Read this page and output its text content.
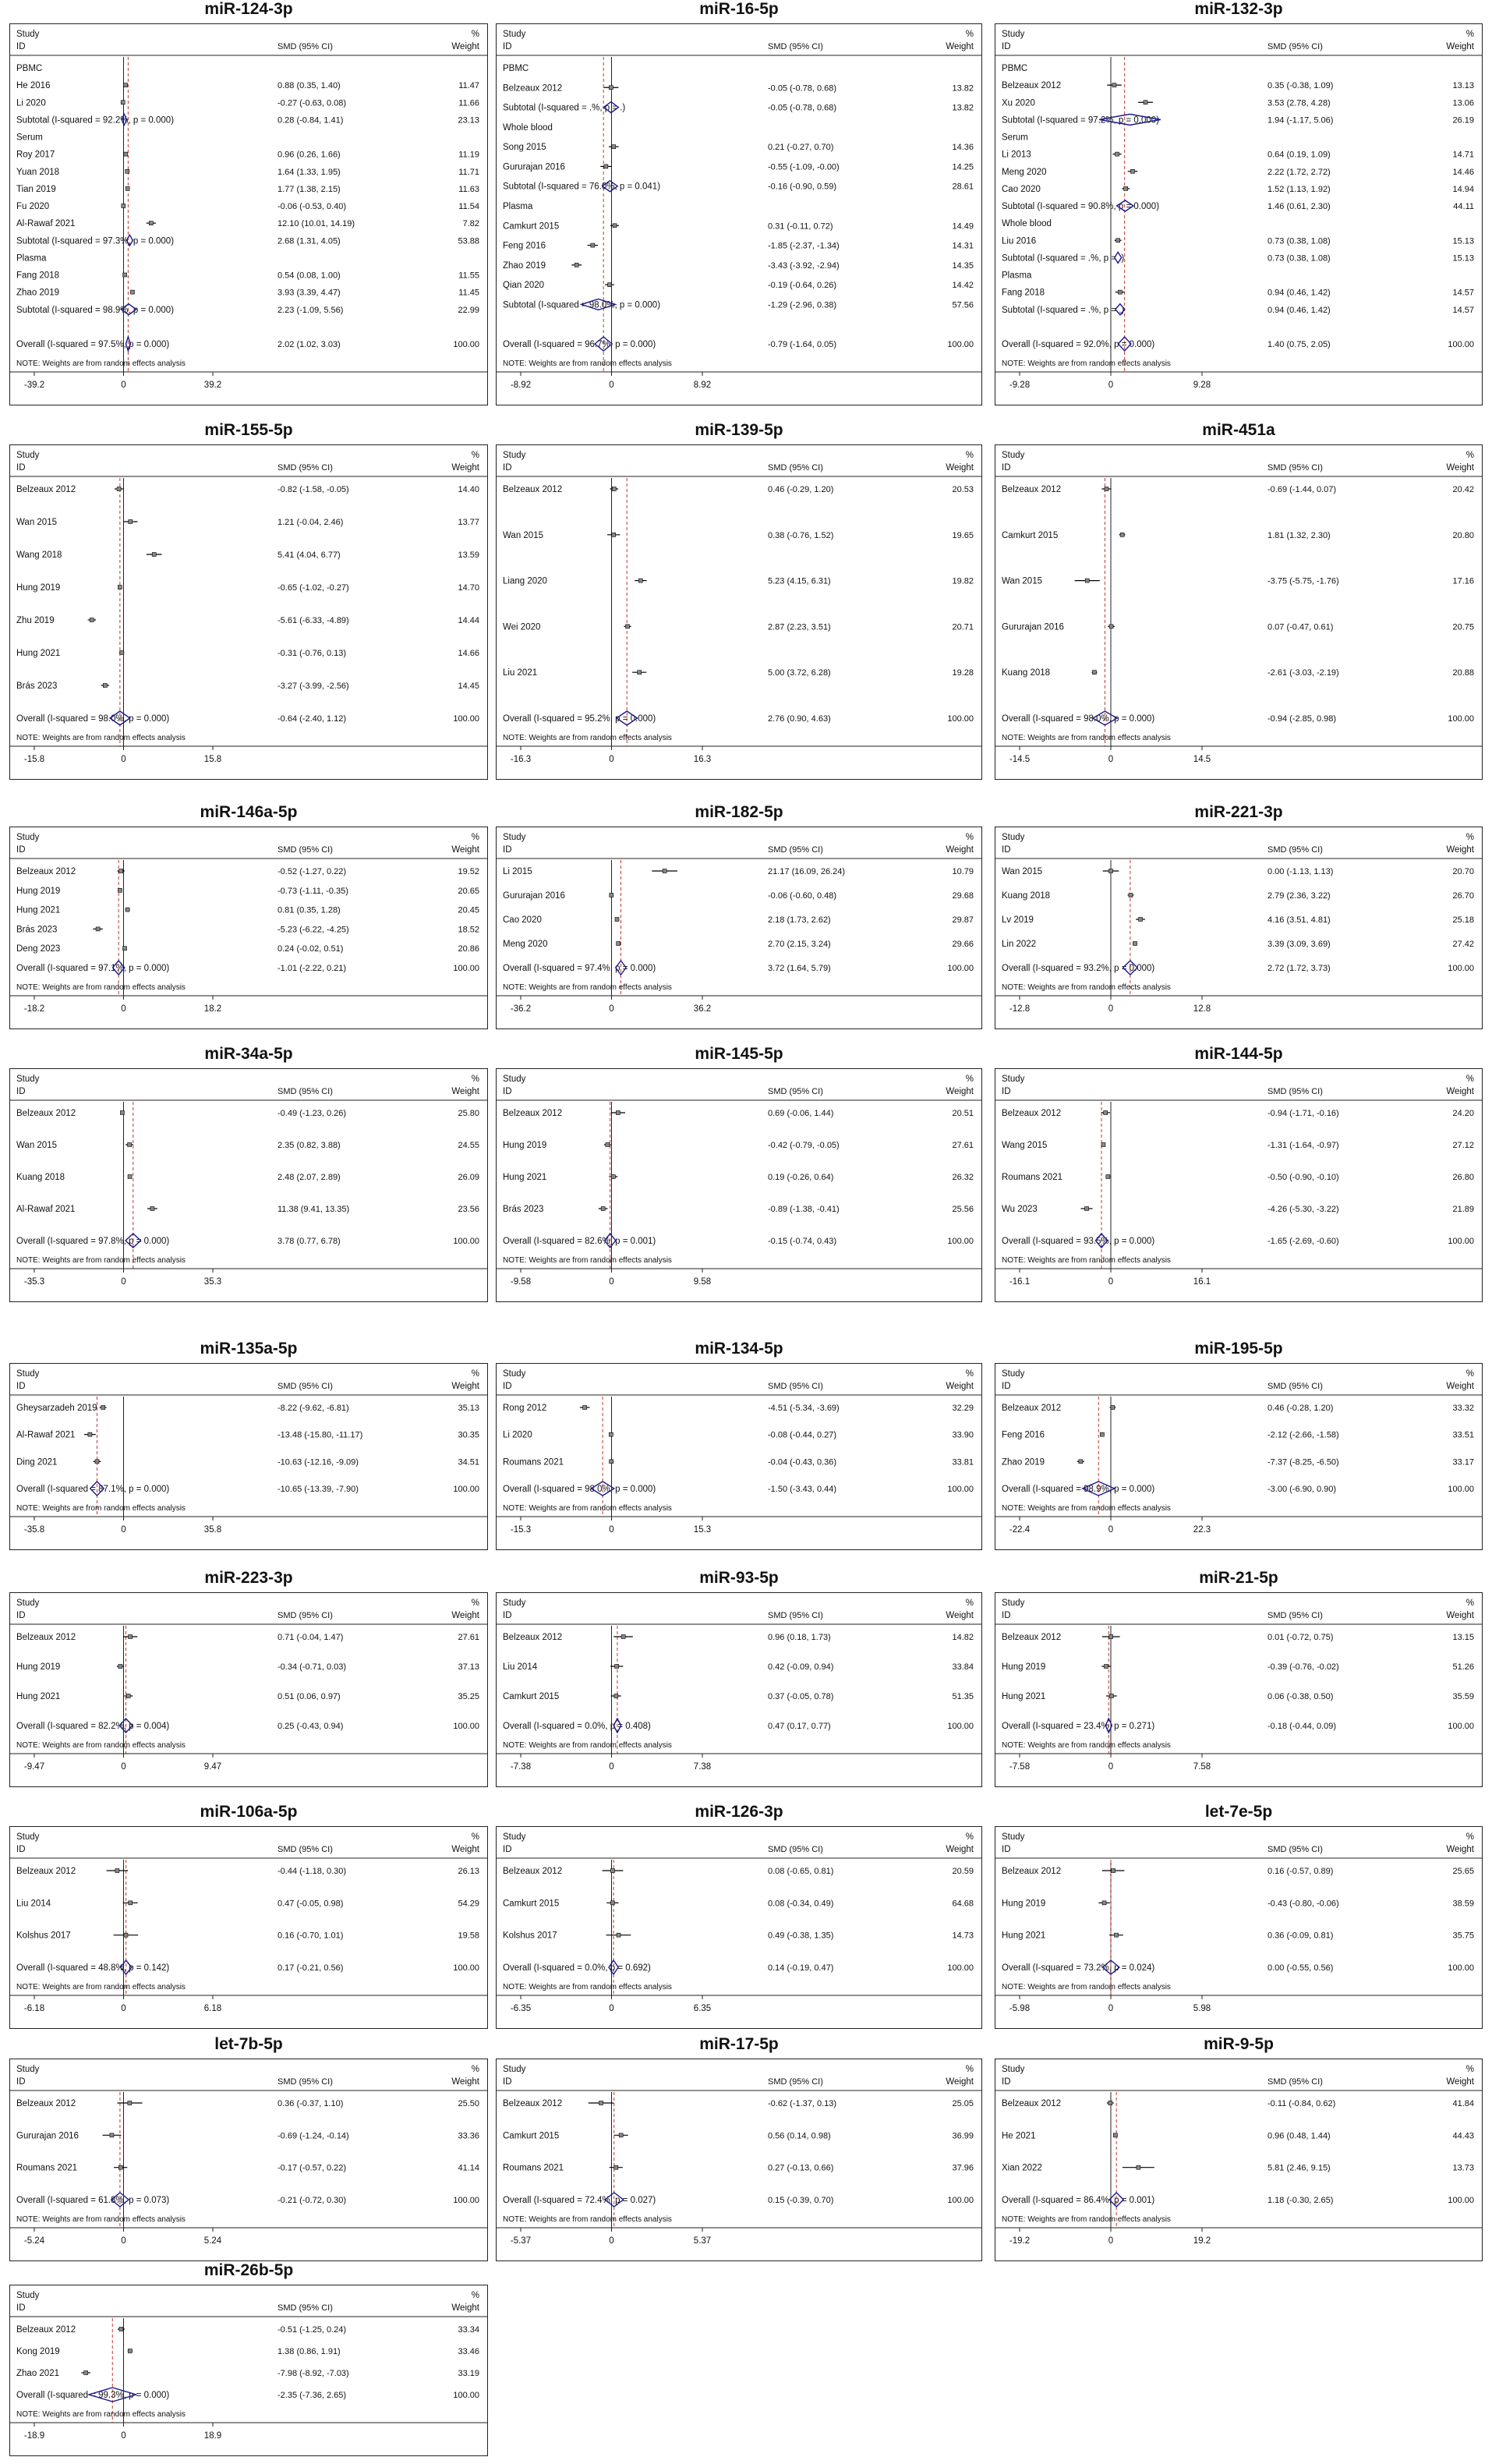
miR-124-3p
Study
ID	SMD (95% CI)
%
Weight
PBMC
He 2016	0.88 (0.35, 1.40)	11.47
Li 2020	-0.27 (-0.63, 0.08)	11.66
Subtotal (I-squared = 92.2%, p = 0.000)	0.28 (-0.84, 1.41)	23.13
Serum
Roy 2017	0.96 (0.26, 1.66)	11.19
Yuan 2018	1.64 (1.33, 1.95)	11.71
Tian 2019	1.77 (1.38, 2.15)	11.63
Fu 2020	-0.06 (-0.53, 0.40)	11.54
Al-Rawaf 2021	12.10 (10.01, 14.19)	7.82
Subtotal (I-squared = 97.3%, p = 0.000)	2.68 (1.31, 4.05)	53.88
Plasma
Fang 2018	0.54 (0.08, 1.00)	11.55
Zhao 2019	3.93 (3.39, 4.47)	11.45
Subtotal (I-squared = 98.9%, p = 0.000)	2.23 (-1.09, 5.56)	22.99
Overall (I-squared = 97.5%, p = 0.000)	2.02 (1.02, 3.03)	100.00
NOTE: Weights are from random effects analysis
-39.2	0	39.2
miR-16-5p
Study
ID	SMD (95% CI)
%
Weight
PBMC
Belzeaux 2012	-0.05 (-0.78, 0.68)	13.82
Subtotal (I-squared = .%, p = .)	-0.05 (-0.78, 0.68)	13.82
Whole blood
Song 2015	0.21 (-0.27, 0.70)	14.36
Gururajan 2016	-0.55 (-1.09, -0.00)	14.25
Subtotal (I-squared = 76.0%, p = 0.041)	-0.16 (-0.90, 0.59)	28.61
Plasma
Camkurt 2015	0.31 (-0.11, 0.72)	14.49
Feng 2016	-1.85 (-2.37, -1.34)	14.31
Zhao 2019	-3.43 (-3.92, -2.94)	14.35
Qian 2020	-0.19 (-0.64, 0.26)	14.42
Subtotal (I-squared = 98.0%, p = 0.000)	-1.29 (-2.96, 0.38)	57.56
Overall (I-squared = 96.7%, p = 0.000)	-0.79 (-1.64, 0.05)	100.00
NOTE: Weights are from random effects analysis
-8.92	0	8.92
miR-132-3p
Study
ID	SMD (95% CI)
%
Weight
PBMC
Belzeaux 2012	0.35 (-0.38, 1.09)	13.13
Xu 2020	3.53 (2.78, 4.28)	13.06
Subtotal (I-squared = 97.2%, p = 0.000)	1.94 (-1.17, 5.06)	26.19
Serum
Li 2013	0.64 (0.19, 1.09)	14.71
Meng 2020	2.22 (1.72, 2.72)	14.46
Cao 2020	1.52 (1.13, 1.92)	14.94
Subtotal (I-squared = 90.8%, p = 0.000)	1.46 (0.61, 2.30)	44.11
Whole blood
Liu 2016	0.73 (0.38, 1.08)	15.13
Subtotal (I-squared = .%, p = .)	0.73 (0.38, 1.08)	15.13
Plasma
Fang 2018	0.94 (0.46, 1.42)	14.57
Subtotal (I-squared = .%, p = .)	0.94 (0.46, 1.42)	14.57
Overall (I-squared = 92.0%, p = 0.000)	1.40 (0.75, 2.05)	100.00
NOTE: Weights are from random effects analysis
-9.28	0	9.28
miR-155-5p
Study
ID	SMD (95% CI)
%
Weight
Belzeaux 2012	-0.82 (-1.58, -0.05)	14.40
Wan 2015	1.21 (-0.04, 2.46)	13.77
Wang 2018	5.41 (4.04, 6.77)	13.59
Hung 2019	-0.65 (-1.02, -0.27)	14.70
Zhu 2019	-5.61 (-6.33, -4.89)	14.44
Hung 2021	-0.31 (-0.76, 0.13)	14.66
Brás 2023	-3.27 (-3.99, -2.56)	14.45
Overall (I-squared = 98.0%, p = 0.000)	-0.64 (-2.40, 1.12)	100.00
NOTE: Weights are from random effects analysis
-15.8	0	15.8
miR-139-5p
Study
ID	SMD (95% CI)
%
Weight
Belzeaux 2012	0.46 (-0.29, 1.20)	20.53
Wan 2015	0.38 (-0.76, 1.52)	19.65
Liang 2020	5.23 (4.15, 6.31)	19.82
Wei 2020	2.87 (2.23, 3.51)	20.71
Liu 2021	5.00 (3.72, 6.28)	19.28
Overall (I-squared = 95.2%, p = 0.000)	2.76 (0.90, 4.63)	100.00
NOTE: Weights are from random effects analysis
-16.3	0	16.3
miR-451a
Study
ID	SMD (95% CI)
%
Weight
Belzeaux 2012	-0.69 (-1.44, 0.07)	20.42
Camkurt 2015	1.81 (1.32, 2.30)	20.80
Wan 2015	-3.75 (-5.75, -1.76)	17.16
Gururajan 2016	0.07 (-0.47, 0.61)	20.75
Kuang 2018	-2.61 (-3.03, -2.19)	20.88
Overall (I-squared = 98.0%, p = 0.000)	-0.94 (-2.85, 0.98)	100.00
NOTE: Weights are from random effects analysis
-14.5	0	14.5
miR-146a-5p
Study
ID	SMD (95% CI)
%
Weight
Belzeaux 2012	-0.52 (-1.27, 0.22)	19.52
Hung 2019	-0.73 (-1.11, -0.35)	20.65
Hung 2021	0.81 (0.35, 1.28)	20.45
Brás 2023	-5.23 (-6.22, -4.25)	18.52
Deng 2023	0.24 (-0.02, 0.51)	20.86
Overall (I-squared = 97.1%, p = 0.000)	-1.01 (-2.22, 0.21)	100.00
NOTE: Weights are from random effects analysis
-18.2	0	18.2
miR-182-5p
Study
ID	SMD (95% CI)
%
Weight
Li 2015	21.17 (16.09, 26.24)	10.79
Gururajan 2016	-0.06 (-0.60, 0.48)	29.68
Cao 2020	2.18 (1.73, 2.62)	29.87
Meng 2020	2.70 (2.15, 3.24)	29.66
Overall (I-squared = 97.4%, p = 0.000)	3.72 (1.64, 5.79)	100.00
NOTE: Weights are from random effects analysis
-36.2	0	36.2
miR-221-3p
Study
ID	SMD (95% CI)
%
Weight
Wan 2015	0.00 (-1.13, 1.13)	20.70
Kuang 2018	2.79 (2.36, 3.22)	26.70
Lv 2019	4.16 (3.51, 4.81)	25.18
Lin 2022	3.39 (3.09, 3.69)	27.42
Overall (I-squared = 93.2%, p = 0.000)	2.72 (1.72, 3.73)	100.00
NOTE: Weights are from random effects analysis
-12.8	0	12.8
miR-34a-5p
Study
ID	SMD (95% CI)
%
Weight
Belzeaux 2012	-0.49 (-1.23, 0.26)	25.80
Wan 2015	2.35 (0.82, 3.88)	24.55
Kuang 2018	2.48 (2.07, 2.89)	26.09
Al-Rawaf 2021	11.38 (9.41, 13.35)	23.56
Overall (I-squared = 97.8%, p = 0.000)	3.78 (0.77, 6.78)	100.00
NOTE: Weights are from random effects analysis
-35.3	0	35.3
miR-145-5p
Study
ID	SMD (95% CI)
%
Weight
Belzeaux 2012	0.69 (-0.06, 1.44)	20.51
Hung 2019	-0.42 (-0.79, -0.05)	27.61
Hung 2021	0.19 (-0.26, 0.64)	26.32
Brás 2023	-0.89 (-1.38, -0.41)	25.56
Overall (I-squared = 82.6%, p = 0.001)	-0.15 (-0.74, 0.43)	100.00
NOTE: Weights are from random effects analysis
-9.58	0	9.58
miR-144-5p
Study
ID	SMD (95% CI)
%
Weight
Belzeaux 2012	-0.94 (-1.71, -0.16)	24.20
Wang 2015	-1.31 (-1.64, -0.97)	27.12
Roumans 2021	-0.50 (-0.90, -0.10)	26.80
Wu 2023	-4.26 (-5.30, -3.22)	21.89
Overall (I-squared = 93.5%, p = 0.000)	-1.65 (-2.69, -0.60)	100.00
NOTE: Weights are from random effects analysis
-16.1	0	16.1
miR-135a-5p
Study
ID	SMD (95% CI)
%
Weight
Gheysarzadeh 2019	-8.22 (-9.62, -6.81)	35.13
Al-Rawaf 2021	-13.48 (-15.80, -11.17)	30.35
Ding 2021	-10.63 (-12.16, -9.09)	34.51
Overall (I-squared = 87.1%, p = 0.000)	-10.65 (-13.39, -7.90)	100.00
NOTE: Weights are from random effects analysis
-35.8	0	35.8
miR-134-5p
Study
ID	SMD (95% CI)
%
Weight
Rong 2012	-4.51 (-5.34, -3.69)	32.29
Li 2020	-0.08 (-0.44, 0.27)	33.90
Roumans 2021	-0.04 (-0.43, 0.36)	33.81
Overall (I-squared = 98.0%, p = 0.000)	-1.50 (-3.43, 0.44)	100.00
NOTE: Weights are from random effects analysis
-15.3	0	15.3
miR-195-5p
Study
ID	SMD (95% CI)
%
Weight
Belzeaux 2012	0.46 (-0.28, 1.20)	33.32
Feng 2016	-2.12 (-2.66, -1.58)	33.51
Zhao 2019	-7.37 (-8.25, -6.50)	33.17
Overall (I-squared = 98.9%, p = 0.000)	-3.00 (-6.90, 0.90)	100.00
NOTE: Weights are from random effects analysis
-22.4	0	22.3
miR-223-3p
Study
ID	SMD (95% CI)
%
Weight
Belzeaux 2012	0.71 (-0.04, 1.47)	27.61
Hung 2019	-0.34 (-0.71, 0.03)	37.13
Hung 2021	0.51 (0.06, 0.97)	35.25
Overall (I-squared = 82.2%, p = 0.004)	0.25 (-0.43, 0.94)	100.00
NOTE: Weights are from random effects analysis
-9.47	0	9.47
miR-93-5p
Study
ID	SMD (95% CI)
%
Weight
Belzeaux 2012	0.96 (0.18, 1.73)	14.82
Liu 2014	0.42 (-0.09, 0.94)	33.84
Camkurt 2015	0.37 (-0.05, 0.78)	51.35
Overall (I-squared = 0.0%, p = 0.408)	0.47 (0.17, 0.77)	100.00
NOTE: Weights are from random effects analysis
-7.38	0	7.38
miR-21-5p
Study
ID	SMD (95% CI)
%
Weight
Belzeaux 2012	0.01 (-0.72, 0.75)	13.15
Hung 2019	-0.39 (-0.76, -0.02)	51.26
Hung 2021	0.06 (-0.38, 0.50)	35.59
Overall (I-squared = 23.4%, p = 0.271)	-0.18 (-0.44, 0.09)	100.00
NOTE: Weights are from random effects analysis
-7.58	0	7.58
miR-106a-5p
Study
ID	SMD (95% CI)
%
Weight
Belzeaux 2012	-0.44 (-1.18, 0.30)	26.13
Liu 2014	0.47 (-0.05, 0.98)	54.29
Kolshus 2017	0.16 (-0.70, 1.01)	19.58
Overall (I-squared = 48.8%, p = 0.142)	0.17 (-0.21, 0.56)	100.00
NOTE: Weights are from random effects analysis
-6.18	0	6.18
miR-126-3p
Study
ID	SMD (95% CI)
%
Weight
Belzeaux 2012	0.08 (-0.65, 0.81)	20.59
Camkurt 2015	0.08 (-0.34, 0.49)	64.68
Kolshus 2017	0.49 (-0.38, 1.35)	14.73
Overall (I-squared = 0.0%, p = 0.692)	0.14 (-0.19, 0.47)	100.00
NOTE: Weights are from random effects analysis
-6.35	0	6.35
let-7e-5p
Study
ID	SMD (95% CI)
%
Weight
Belzeaux 2012	0.16 (-0.57, 0.89)	25.65
Hung 2019	-0.43 (-0.80, -0.06)	38.59
Hung 2021	0.36 (-0.09, 0.81)	35.75
Overall (I-squared = 73.2%, p = 0.024)	0.00 (-0.55, 0.56)	100.00
NOTE: Weights are from random effects analysis
-5.98	0	5.98
let-7b-5p
Study
ID	SMD (95% CI)
%
Weight
Belzeaux 2012	0.36 (-0.37, 1.10)	25.50
Gururajan 2016	-0.69 (-1.24, -0.14)	33.36
Roumans 2021	-0.17 (-0.57, 0.22)	41.14
Overall (I-squared = 61.8%, p = 0.073)	-0.21 (-0.72, 0.30)	100.00
NOTE: Weights are from random effects analysis
-5.24	0	5.24
miR-17-5p
Study
ID	SMD (95% CI)
%
Weight
Belzeaux 2012	-0.62 (-1.37, 0.13)	25.05
Camkurt 2015	0.56 (0.14, 0.98)	36.99
Roumans 2021	0.27 (-0.13, 0.66)	37.96
Overall (I-squared = 72.4%, p = 0.027)	0.15 (-0.39, 0.70)	100.00
NOTE: Weights are from random effects analysis
-5.37	0	5.37
miR-9-5p
Study
ID	SMD (95% CI)
%
Weight
Belzeaux 2012	-0.11 (-0.84, 0.62)	41.84
He 2021	0.96 (0.48, 1.44)	44.43
Xian 2022	5.81 (2.46, 9.15)	13.73
Overall (I-squared = 86.4%, p = 0.001)	1.18 (-0.30, 2.65)	100.00
NOTE: Weights are from random effects analysis
-19.2	0	19.2
miR-26b-5p
Study
ID	SMD (95% CI)
%
Weight
Belzeaux 2012	-0.51 (-1.25, 0.24)	33.34
Kong 2019	1.38 (0.86, 1.91)	33.46
Zhao 2021	-7.98 (-8.92, -7.03)	33.19
Overall (I-squared = 99.3%, p = 0.000)	-2.35 (-7.36, 2.65)	100.00
NOTE: Weights are from random effects analysis
-18.9	0	18.9
